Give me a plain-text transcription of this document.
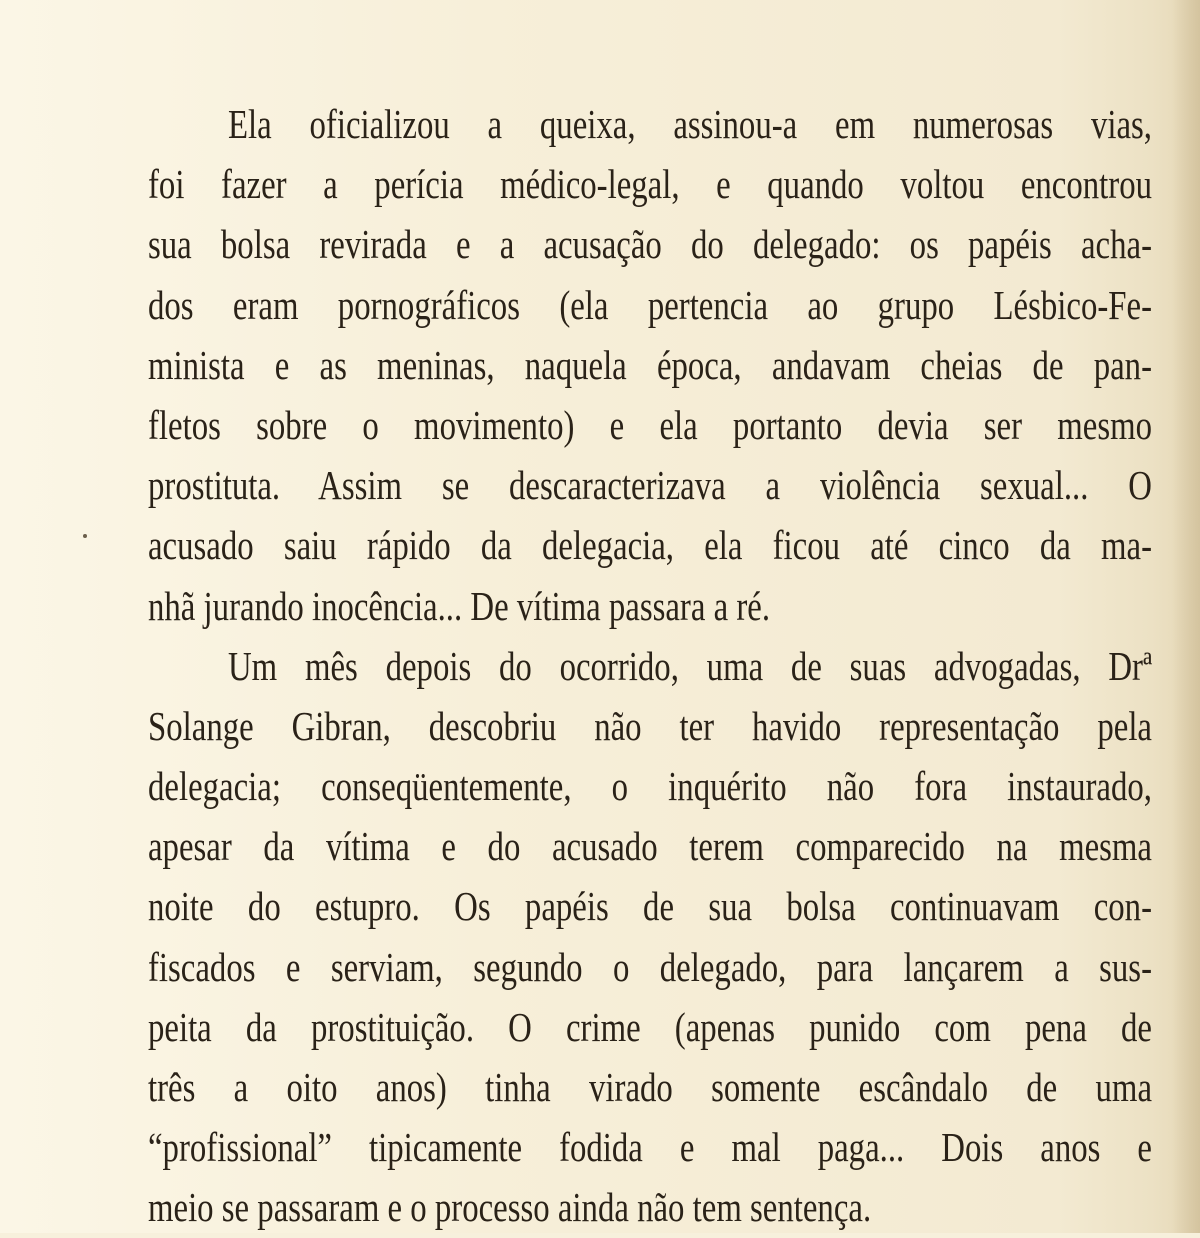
Ela oficializou a queixa, assinou-a em numerosas vias,
foi fazer a perícia médico-legal, e quando voltou encontrou
sua bolsa revirada e a acusação do delegado: os papéis acha-
dos eram pornográficos (ela pertencia ao grupo Lésbico-Fe-
minista e as meninas, naquela época, andavam cheias de pan-
fletos sobre o movimento) e ela portanto devia ser mesmo
prostituta. Assim se descaracterizava a violência sexual... O
acusado saiu rápido da delegacia, ela ficou até cinco da ma-
nhã jurando inocência... De vítima passara a ré.
Um mês depois do ocorrido, uma de suas advogadas, Drª
Solange Gibran, descobriu não ter havido representação pela
delegacia; conseqüentemente, o inquérito não fora instaurado,
apesar da vítima e do acusado terem comparecido na mesma
noite do estupro. Os papéis de sua bolsa continuavam con-
fiscados e serviam, segundo o delegado, para lançarem a sus-
peita da prostituição. O crime (apenas punido com pena de
três a oito anos) tinha virado somente escândalo de uma
“profissional” tipicamente fodida e mal paga... Dois anos e
meio se passaram e o processo ainda não tem sentença.
